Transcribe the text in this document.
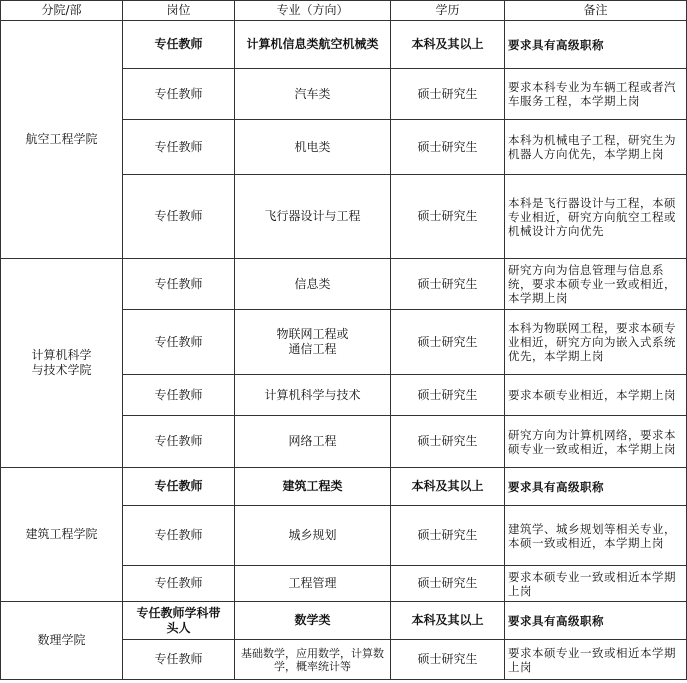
分院/部	岗位	专业（方向）	学历	备注
航空工程学院	专任教师	计算机信息类航空机械类	本科及其以上	要求具有高级职称
	专任教师	汽车类	硕士研究生	要求本科专业为车辆工程或者汽车服务工程，本学期上岗
	专任教师	机电类	硕士研究生	本科为机械电子工程，研究生为机器人方向优先，本学期上岗
	专任教师	飞行器设计与工程	硕士研究生	本科是飞行器设计与工程，本硕专业相近，研究方向航空工程或机械设计方向优先
计算机科学与技术学院	专任教师	信息类	硕士研究生	研究方向为信息管理与信息系统，要求本硕专业一致或相近，本学期上岗
	专任教师	物联网工程或通信工程	硕士研究生	本科为物联网工程，要求本硕专业相近，研究方向为嵌入式系统优先，本学期上岗
	专任教师	计算机科学与技术	硕士研究生	要求本硕专业相近，本学期上岗
	专任教师	网络工程	硕士研究生	研究方向为计算机网络，要求本硕专业一致或相近，本学期上岗
建筑工程学院	专任教师	建筑工程类	本科及其以上	要求具有高级职称
	专任教师	城乡规划	硕士研究生	建筑学、城乡规划等相关专业，本硕一致或相近，本学期上岗
	专任教师	工程管理	硕士研究生	要求本硕专业一致或相近本学期上岗
数理学院	专任教师学科带头人	数学类	本科及其以上	要求具有高级职称
	专任教师	基础数学，应用数学，计算数学，概率统计等	硕士研究生	要求本硕专业一致或相近本学期上岗
